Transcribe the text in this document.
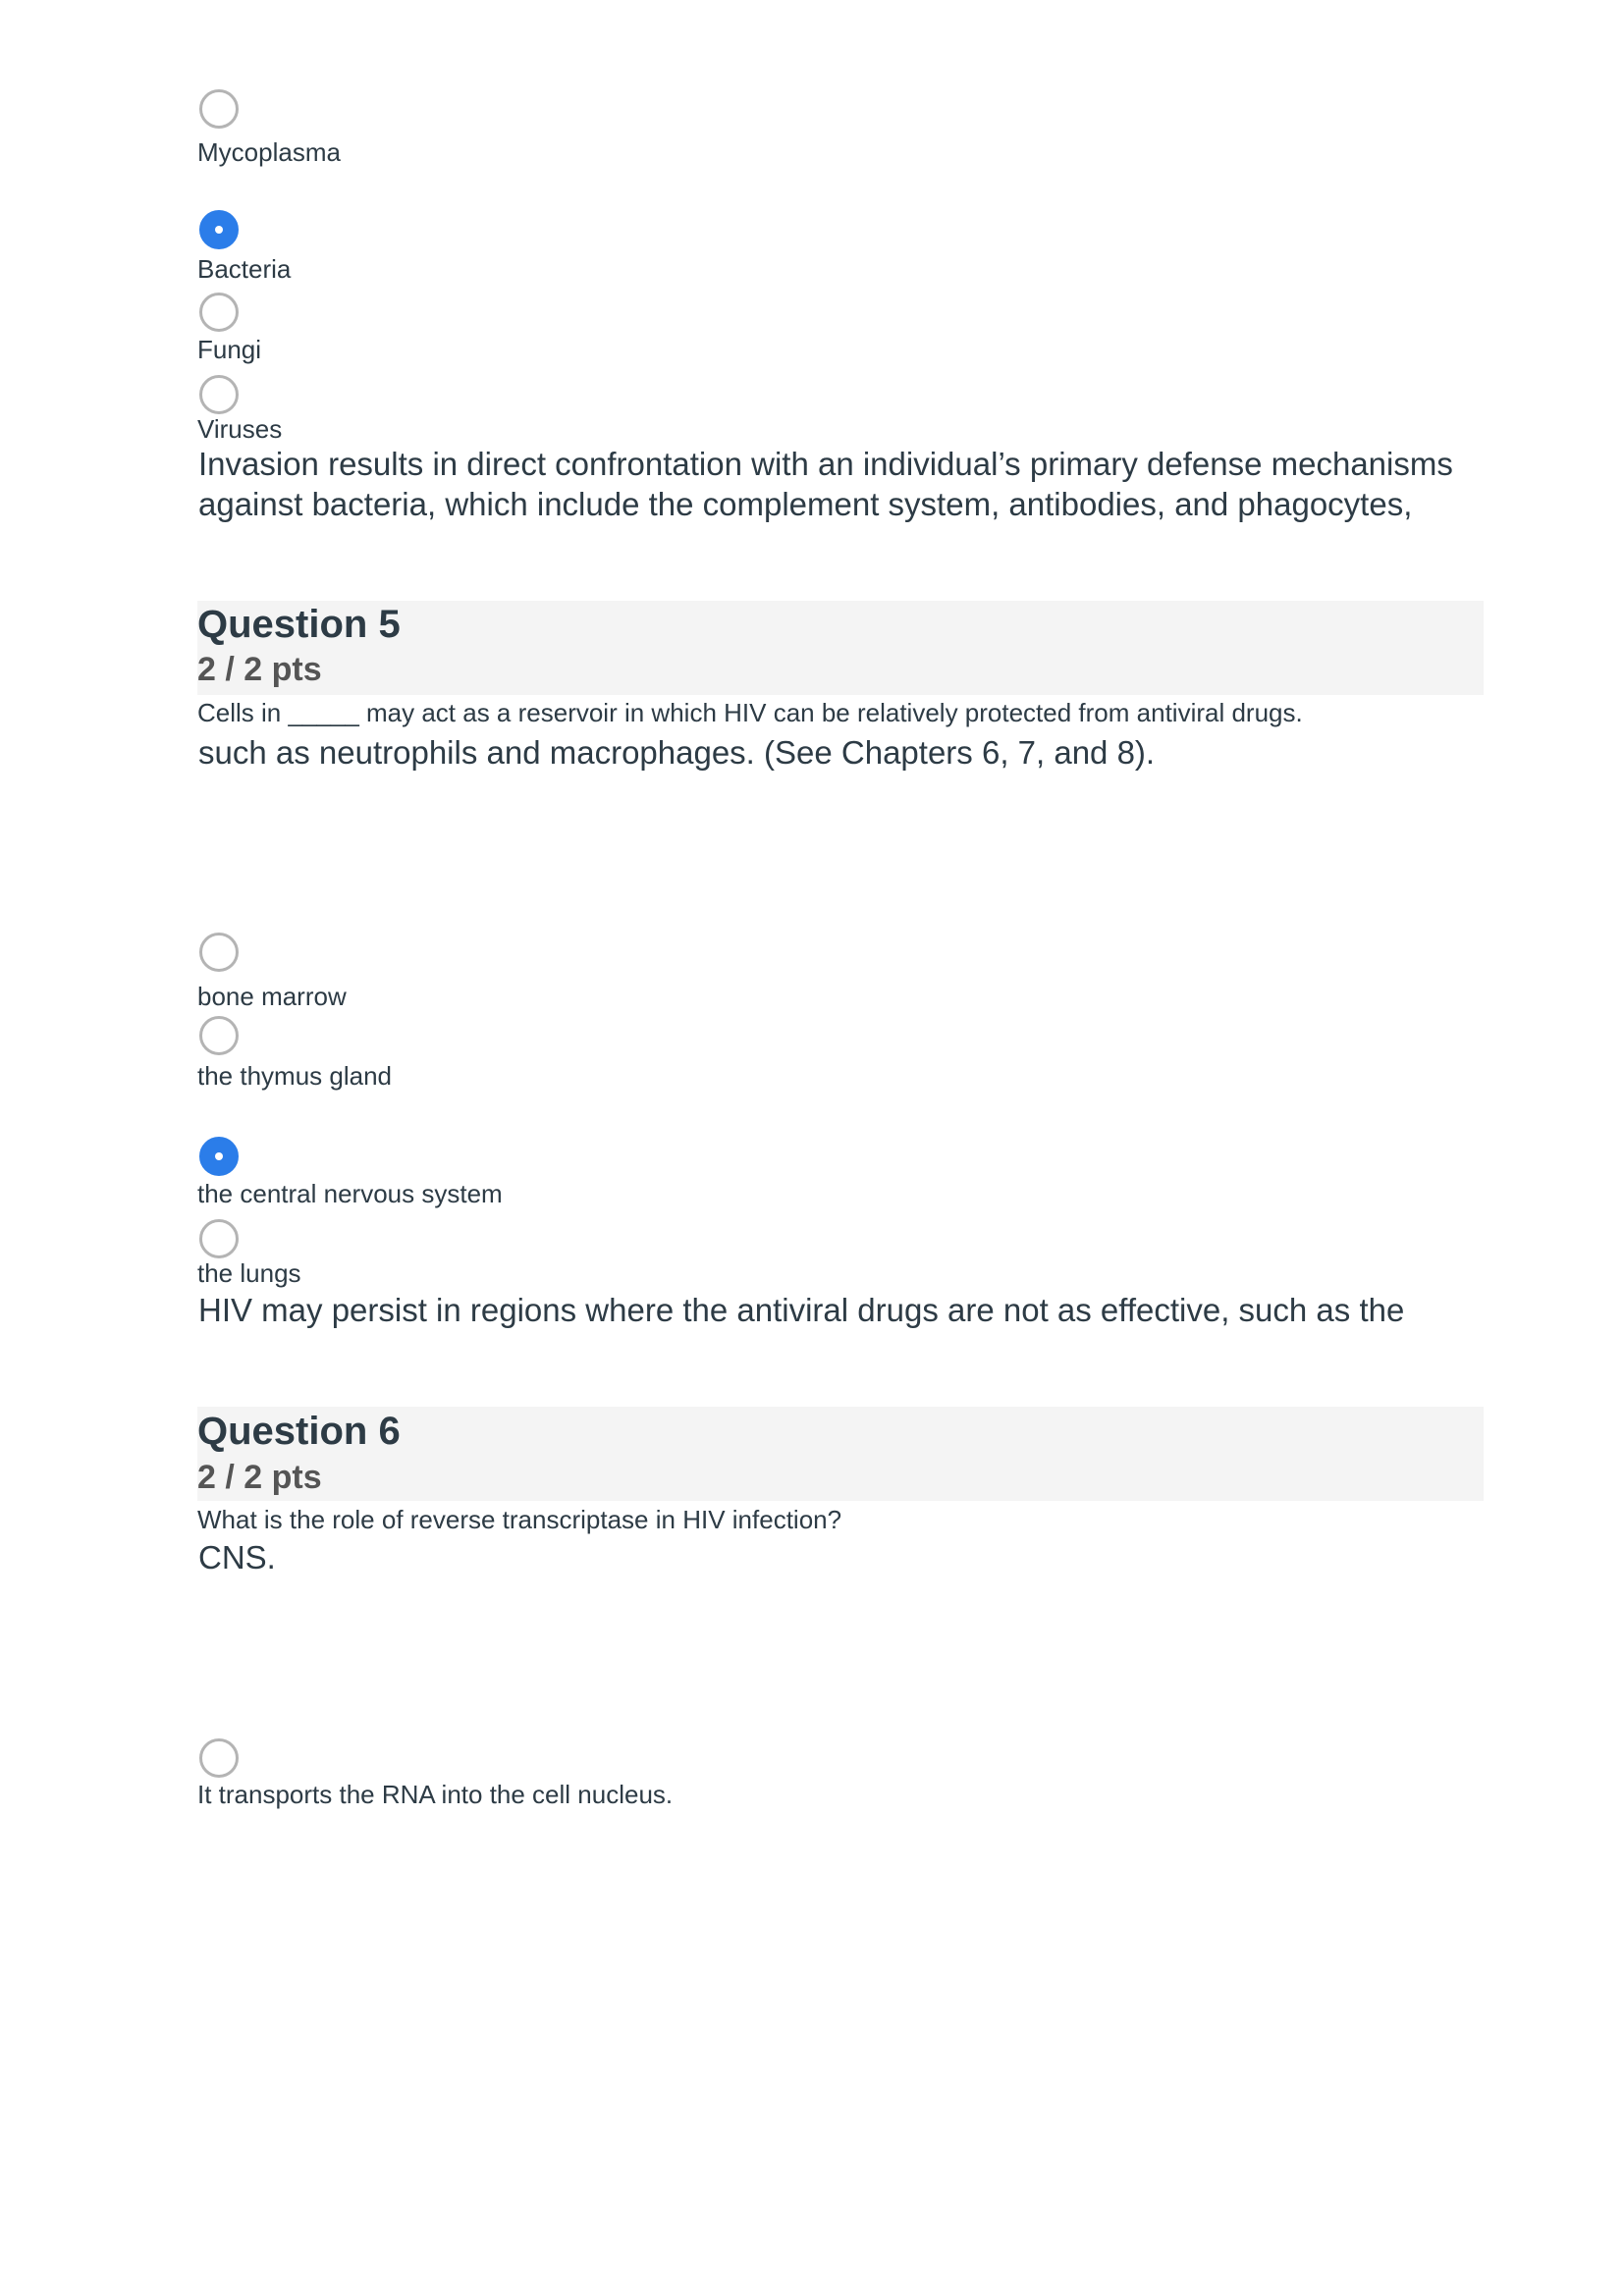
Mycoplasma
Bacteria
Fungi
Viruses
Invasion results in direct confrontation with an individual’s primary defense mechanisms
against bacteria, which include the complement system, antibodies, and phagocytes,
Question 5
2 / 2 pts
Cells in _____ may act as a reservoir in which HIV can be relatively protected from antiviral drugs.
such as neutrophils and macrophages. (See Chapters 6, 7, and 8).
bone marrow
the thymus gland
the central nervous system
the lungs
HIV may persist in regions where the antiviral drugs are not as effective, such as the
Question 6
2 / 2 pts
What is the role of reverse transcriptase in HIV infection?
CNS.
It transports the RNA into the cell nucleus.
